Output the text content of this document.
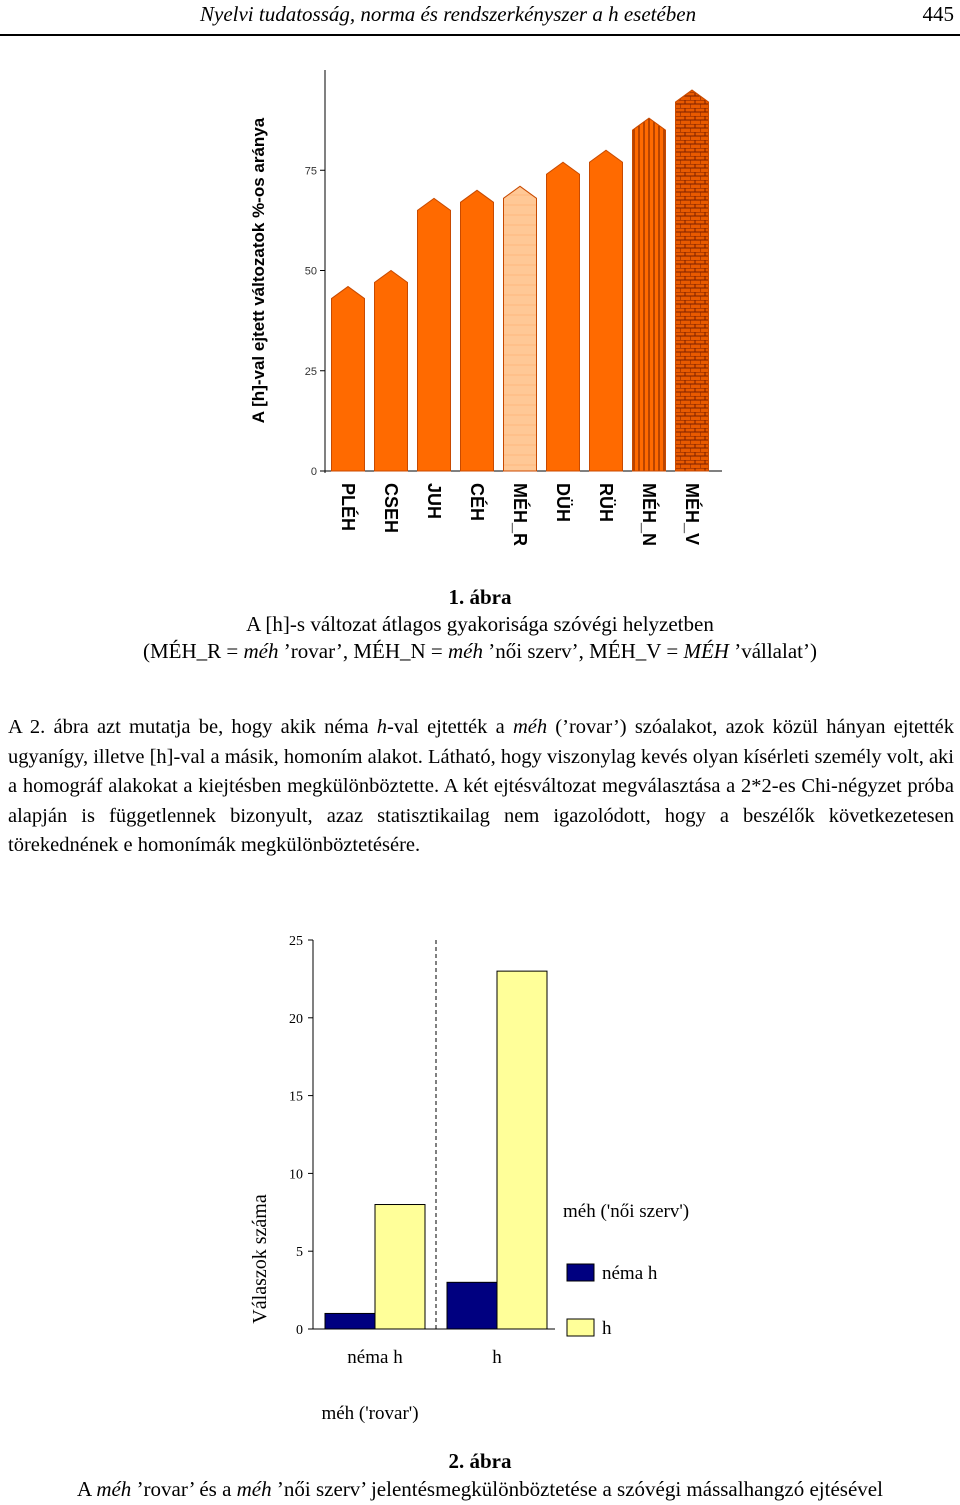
Nyelvi tudatosság, norma és rendszerkényszer a h esetében	445
0
25
50
75
A [h]-val ejtett változatok %-os aránya
PLÉH CSEH JUH CÉH MÉH_R DÜH RÜH MÉH_N MÉH_V
1. ábra
A [h]-s változat átlagos gyakorisága szóvégi helyzetben
(MÉH_R = méh ’rovar’, MÉH_N = méh ’női szerv’, MÉH_V = MÉH ’vállalat’)
A 2. ábra azt mutatja be, hogy akik néma h-val ejtették a méh (’rovar’) szóalakot, azok közül hányan ejtették ugyanígy, illetve [h]-val a másik, homoním alakot. Látható, hogy viszonylag kevés olyan kísérleti személy volt, aki a homográf alakokat a kiejtésben megkülönböztette. A két ejtésváltozat megválasztása a 2*2-es Chi-négyzet próba alapján is függetlennek bizonyult, azaz statisztikailag nem igazolódott, hogy a beszélők következetesen törekednének e homonímák megkülönböztetésére.
0
5
10
15
20
25
Válaszok száma
néma h	h
méh ('rovar')
méh ('női szerv')
néma h
h
2. ábra
A méh ’rovar’ és a méh ’női szerv’ jelentésmegkülönböztetése a szóvégi mássalhangzó ejtésével
